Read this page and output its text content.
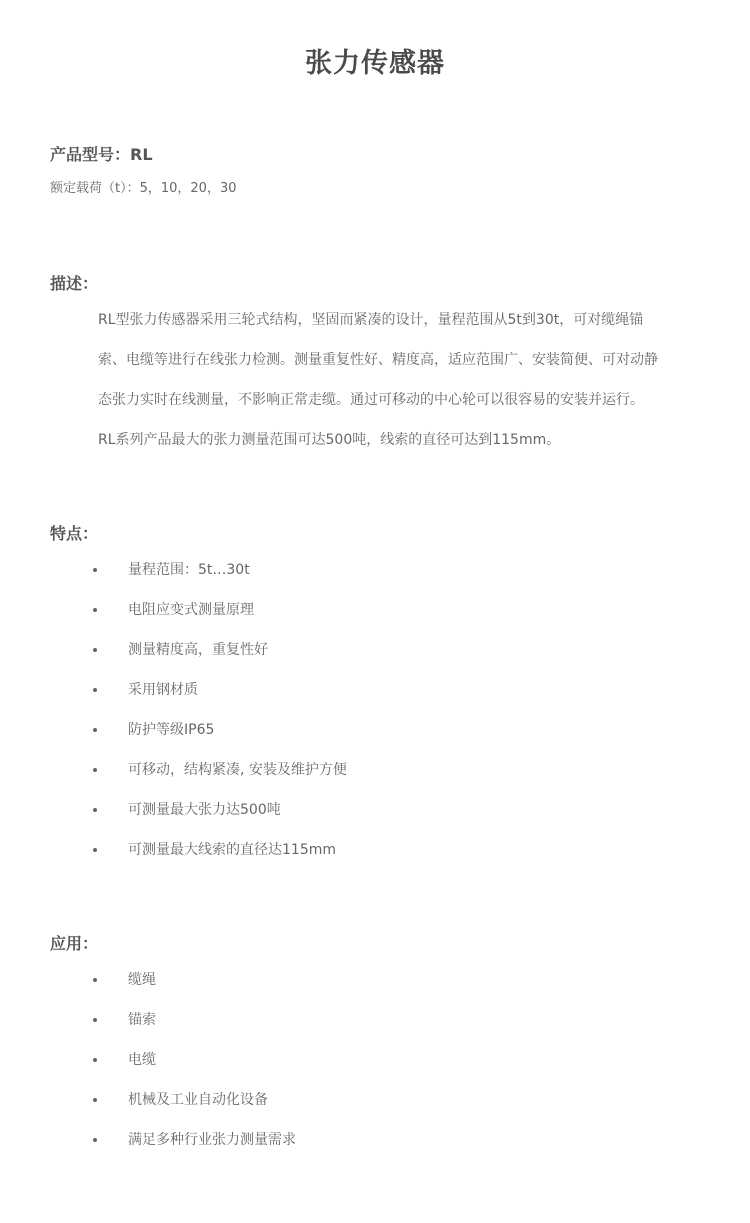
张力传感器
产品型号：RL
额定载荷（t）：5，10，20，30
描述：

RL型张力传感器采用三轮式结构，坚固而紧凑的设计，量程范围从5t到30t，可对缆绳锚索、电缆等进行在线张力检测。测量重复性好、精度高，适应范围广、安装简便、可对动静态张力实时在线测量，不影响正常走缆。通过可移动的中心轮可以很容易的安装并运行。RL系列产品最大的张力测量范围可达500吨，线索的直径可达到115mm。

特点：
量程范围：5t…30t
电阻应变式测量原理
测量精度高，重复性好
采用钢材质
防护等级IP65
可移动，结构紧凑, 安装及维护方便
可测量最大张力达500吨
可测量最大线索的直径达115mm
应用：
缆绳
锚索
电缆
机械及工业自动化设备
满足多种行业张力测量需求
